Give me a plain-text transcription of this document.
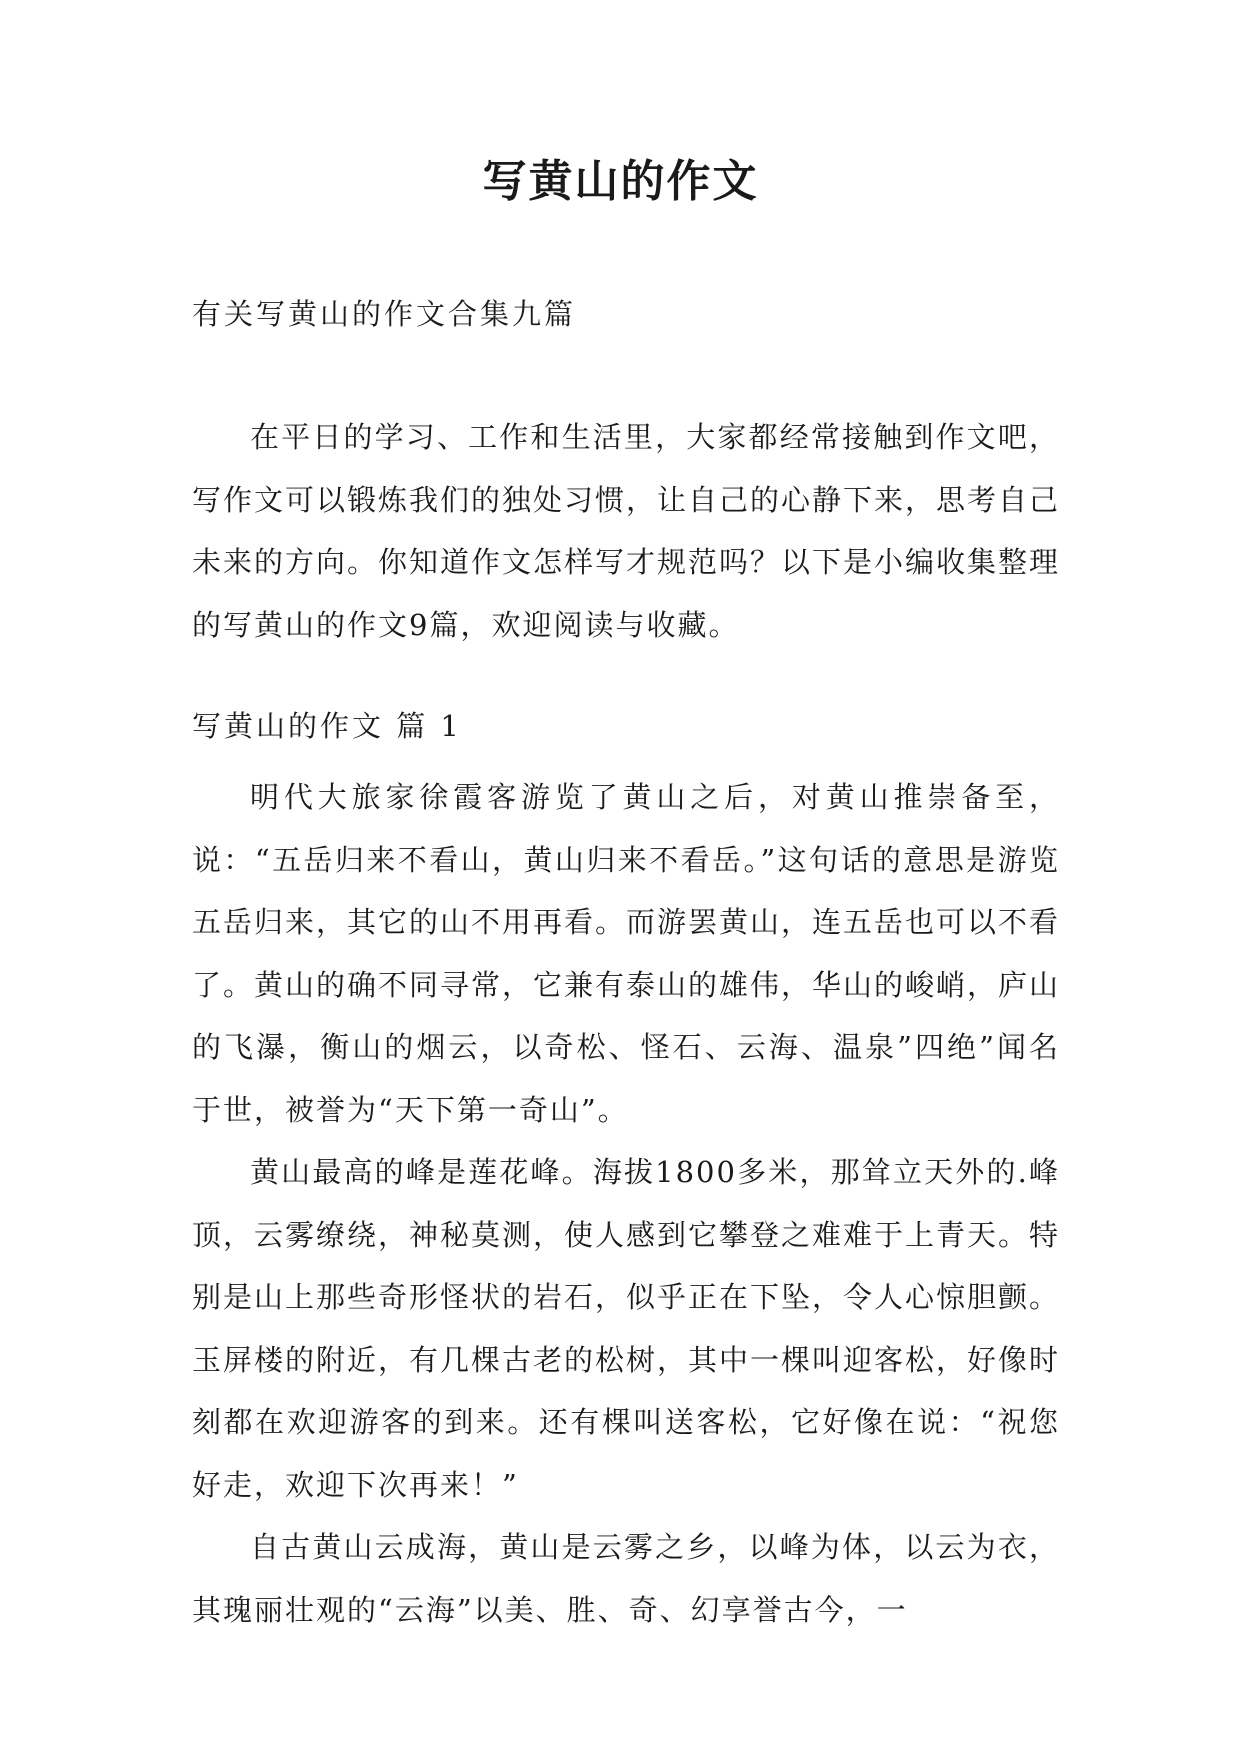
写黄山的作文

有关写黄山的作文合集九篇

在平日的学习、工作和生活里，大家都经常接触到作文吧，写作文可以锻炼我们的独处习惯，让自己的心静下来，思考自己未来的方向。你知道作文怎样写才规范吗？以下是小编收集整理的写黄山的作文9篇，欢迎阅读与收藏。

写黄山的作文 篇 1

明代大旅家徐霞客游览了黄山之后，对黄山推崇备至，说：“五岳归来不看山，黄山归来不看岳。”这句话的意思是游览五岳归来，其它的山不用再看。而游罢黄山，连五岳也可以不看了。黄山的确不同寻常，它兼有泰山的雄伟，华山的峻峭，庐山的飞瀑，衡山的烟云，以奇松、怪石、云海、温泉”四绝”闻名于世，被誉为“天下第一奇山”。

黄山最高的峰是莲花峰。海拔1800多米，那耸立天外的.峰顶，云雾缭绕，神秘莫测，使人感到它攀登之难难于上青天。特别是山上那些奇形怪状的岩石，似乎正在下坠，令人心惊胆颤。玉屏楼的附近，有几棵古老的松树，其中一棵叫迎客松，好像时刻都在欢迎游客的到来。还有棵叫送客松，它好像在说：“祝您好走，欢迎下次再来！”

自古黄山云成海，黄山是云雾之乡，以峰为体，以云为衣，其瑰丽壮观的“云海”以美、胜、奇、幻享誉古今，一
